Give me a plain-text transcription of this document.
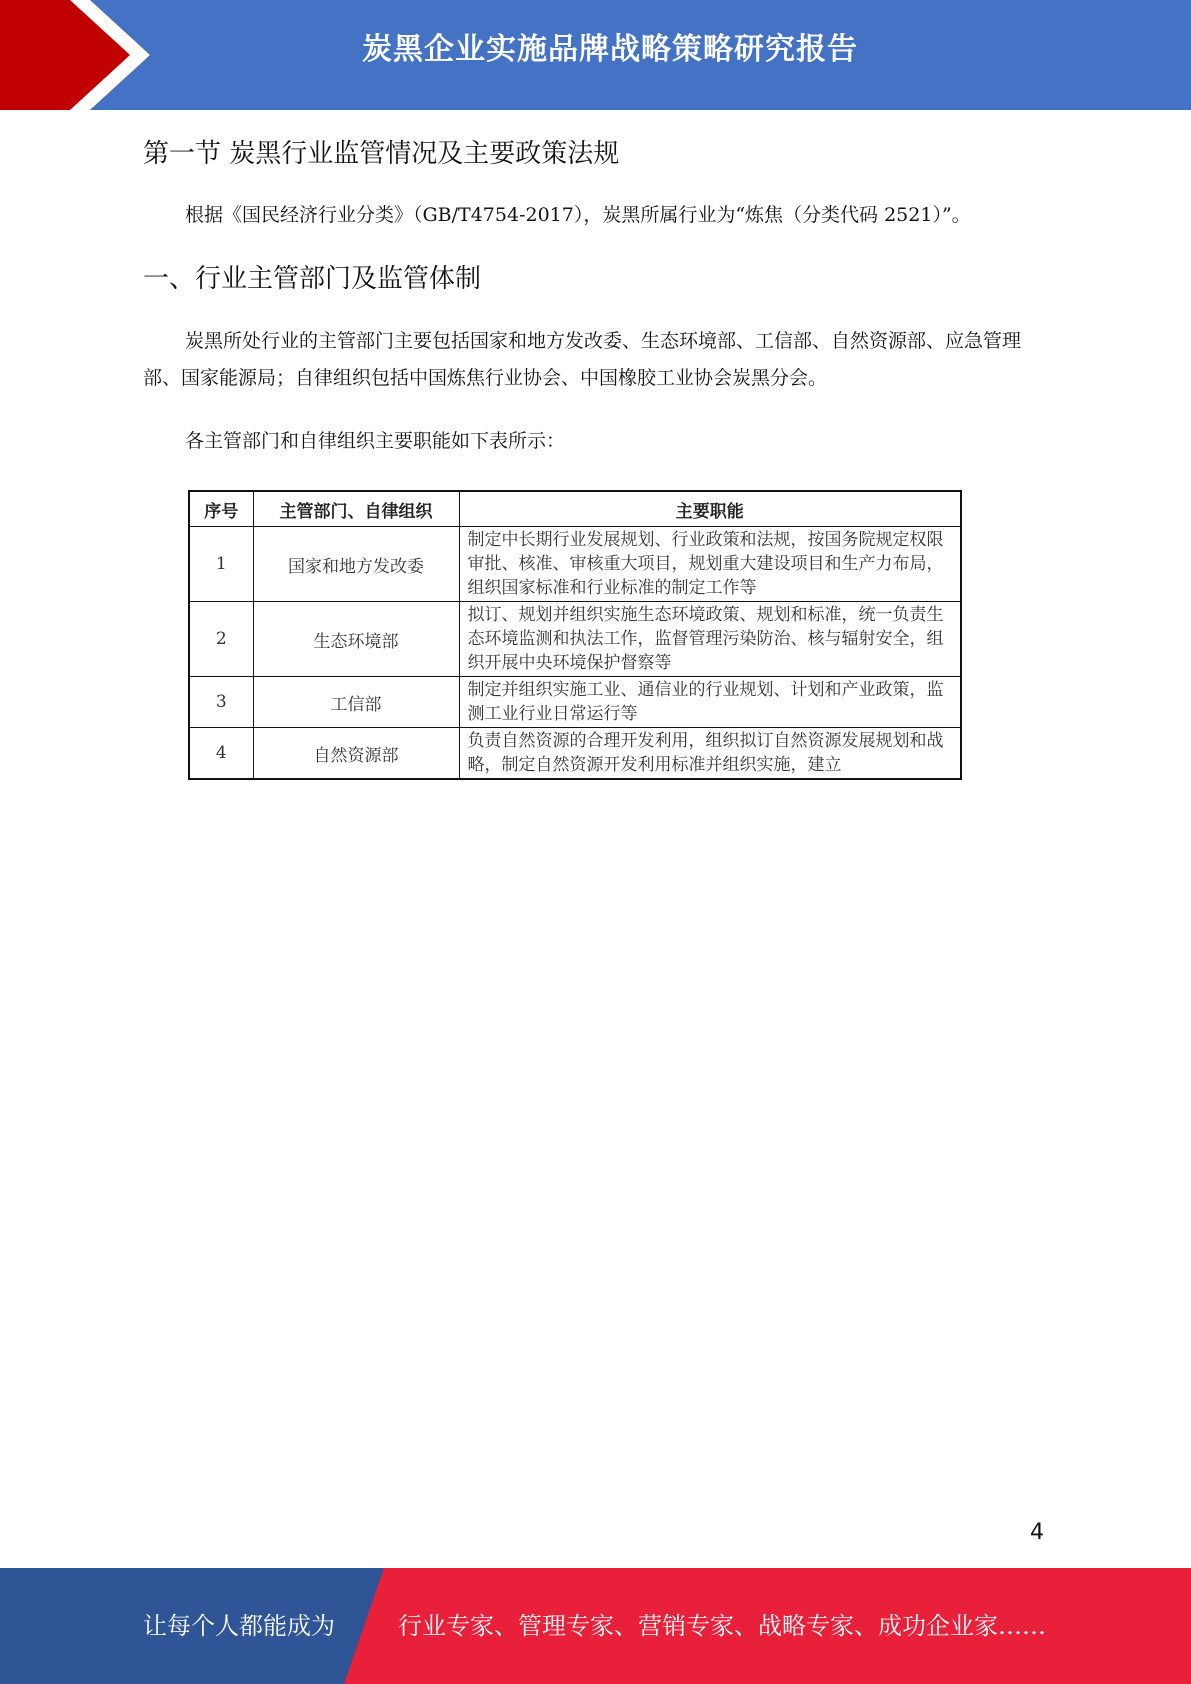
炭黑企业实施品牌战略策略研究报告
第一节 炭黑行业监管情况及主要政策法规
根据《国民经济行业分类》（GB/T4754-2017），炭黑所属行业为“炼焦（分类代码 2521）”。
一、行业主管部门及监管体制
炭黑所处行业的主管部门主要包括国家和地方发改委、生态环境部、工信部、自然资源部、应急管理部、国家能源局；自律组织包括中国炼焦行业协会、中国橡胶工业协会炭黑分会。
各主管部门和自律组织主要职能如下表所示：
序号	主管部门、自律组织	主要职能
1	国家和地方发改委	制定中长期行业发展规划、行业政策和法规，按国务院规定权限审批、核准、审核重大项目，规划重大建设项目和生产力布局，组织国家标准和行业标准的制定工作等

2	生态环境部	拟订、规划并组织实施生态环境政策、规划和标准，统一负责生态环境监测和执法工作，监督管理污染防治、核与辐射安全，组织开展中央环境保护督察等

3	工信部	制定并组织实施工业、通信业的行业规划、计划和产业政策，监测工业行业日常运行等

4	自然资源部	负责自然资源的合理开发利用，组织拟订自然资源发展规划和战略，制定自然资源开发利用标准并组织实施，建立
4
让每个人都能成为	行业专家、管理专家、营销专家、战略专家、成功企业家……
